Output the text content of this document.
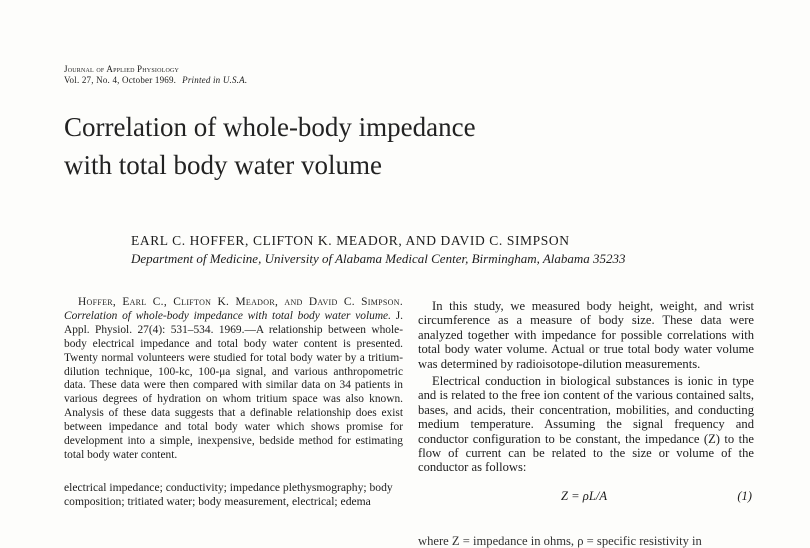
Journal of Applied Physiology
Vol. 27, No. 4, October 1969. Printed in U.S.A.
Correlation of whole-body impedance
with total body water volume
EARL C. HOFFER, CLIFTON K. MEADOR, AND DAVID C. SIMPSON
Department of Medicine, University of Alabama Medical Center, Birmingham, Alabama 35233

Hoffer, Earl C., Clifton K. Meador, and David C. Simpson. Correlation of whole-body impedance with total body water volume. J. Appl. Physiol. 27(4): 531–534. 1969.—A relationship between whole-body electrical impedance and total body water content is presented. Twenty normal volunteers were studied for total body water by a tritium-dilution technique, 100-kc, 100-μa signal, and various anthropometric data. These data were then compared with similar data on 34 patients in various degrees of hydration on whom tritium space was also known. Analysis of these data suggests that a definable relationship does exist between impedance and total body water which shows promise for development into a simple, inexpensive, bedside method for estimating total body water content.

electrical impedance; conductivity; impedance plethysmography; body composition; tritiated water; body measurement, electrical; edema

In this study, we measured body height, weight, and wrist circumference as a measure of body size. These data were analyzed together with impedance for possible correlations with total body water volume. Actual or true total body water volume was determined by radioisotope-dilution measurements.

Electrical conduction in biological substances is ionic in type and is related to the free ion content of the various contained salts, bases, and acids, their concentration, mobilities, and conducting medium temperature. Assuming the signal frequency and conductor configuration to be constant, the impedance (Z) to the flow of current can be related to the size or volume of the conductor as follows:

Z = ρL/A	(1)
where Z = impedance in ohms, ρ = specific resistivity in
